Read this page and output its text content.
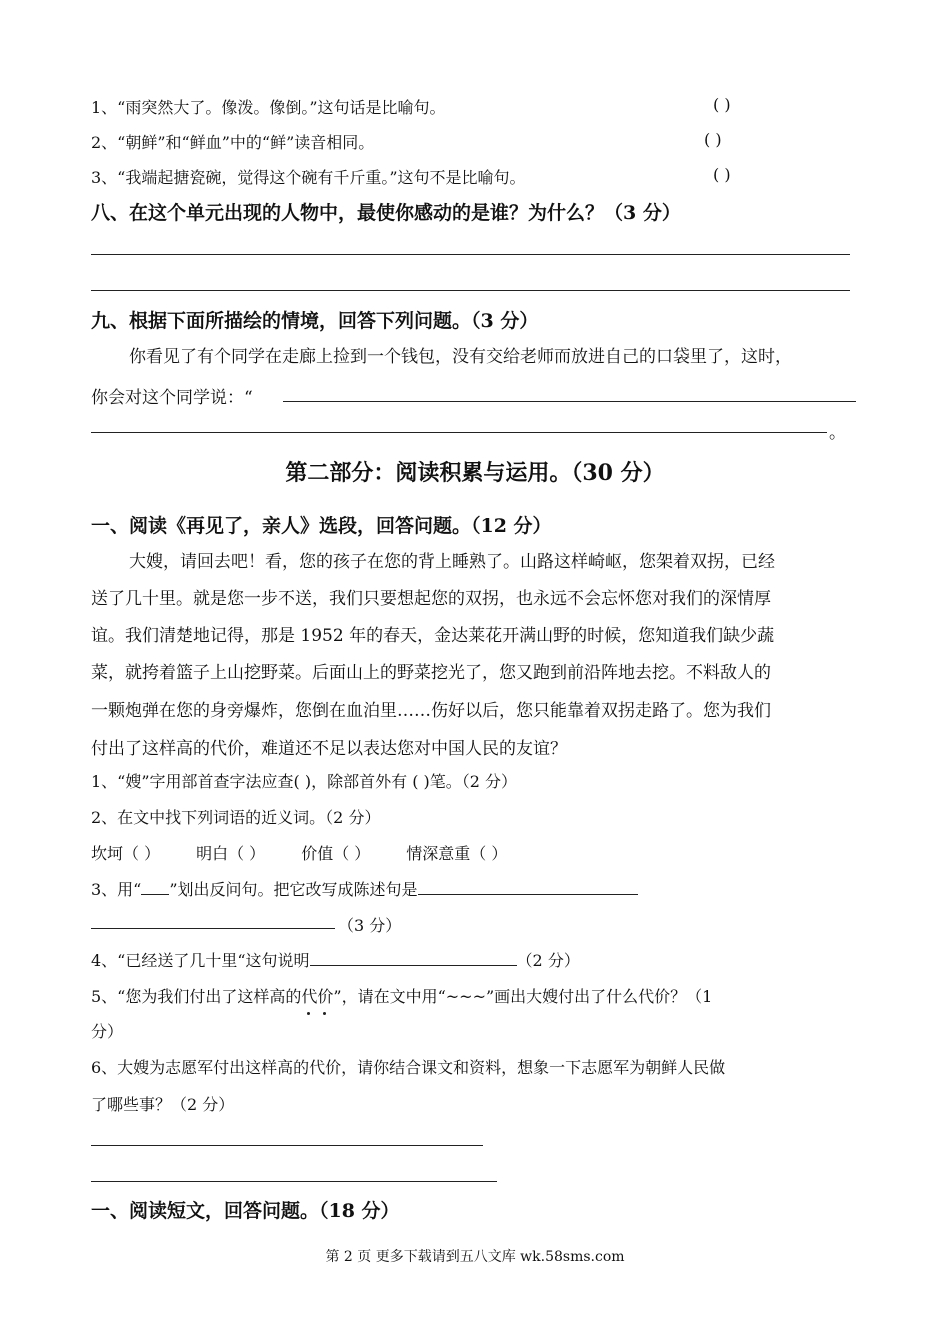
1、“雨突然大了。像泼。像倒。”这句话是比喻句。	( )
2、“朝鲜”和“鲜血”中的“鲜”读音相同。	( )
3、“我端起搪瓷碗，觉得这个碗有千斤重。”这句不是比喻句。	( )
八、在这个单元出现的人物中，最使你感动的是谁？为什么？（3 分）
九、根据下面所描绘的情境，回答下列问题。（3 分）
你看见了有个同学在走廊上捡到一个钱包，没有交给老师而放进自己的口袋里了，这时，
你会对这个同学说：“
。
第二部分：阅读积累与运用。（30 分）
一、阅读《再见了，亲人》选段，回答问题。（12 分）
大嫂，请回去吧！看，您的孩子在您的背上睡熟了。山路这样崎岖，您架着双拐，已经
送了几十里。就是您一步不送，我们只要想起您的双拐，也永远不会忘怀您对我们的深情厚
谊。我们清楚地记得，那是 1952 年的春天，金达莱花开满山野的时候，您知道我们缺少蔬
菜，就挎着篮子上山挖野菜。后面山上的野菜挖光了，您又跑到前沿阵地去挖。不料敌人的
一颗炮弹在您的身旁爆炸，您倒在血泊里……伤好以后，您只能靠着双拐走路了。您为我们
付出了这样高的代价，难道还不足以表达您对中国人民的友谊？
1、“嫂”字用部首查字法应查( )，除部首外有 ( )笔。（2 分）
2、在文中找下列词语的近义词。（2 分）
坎坷（ ） 明白（ ） 价值（ ） 情深意重（ ）
3、用“ ”划出反问句。把它改写成陈述句是
（3 分）
4、“已经送了几十里“这句说明	（2 分）
5、“您为我们付出了这样高的代价
”，请在文中用“~~~”画出大嫂付出了什么代价？（1
分）
6、大嫂为志愿军付出这样高的代价，请你结合课文和资料，想象一下志愿军为朝鲜人民做
了哪些事？（2 分）
一、阅读短文，回答问题。（18 分）
第 2 页 更多下载请到五八文库 wk.58sms.com
